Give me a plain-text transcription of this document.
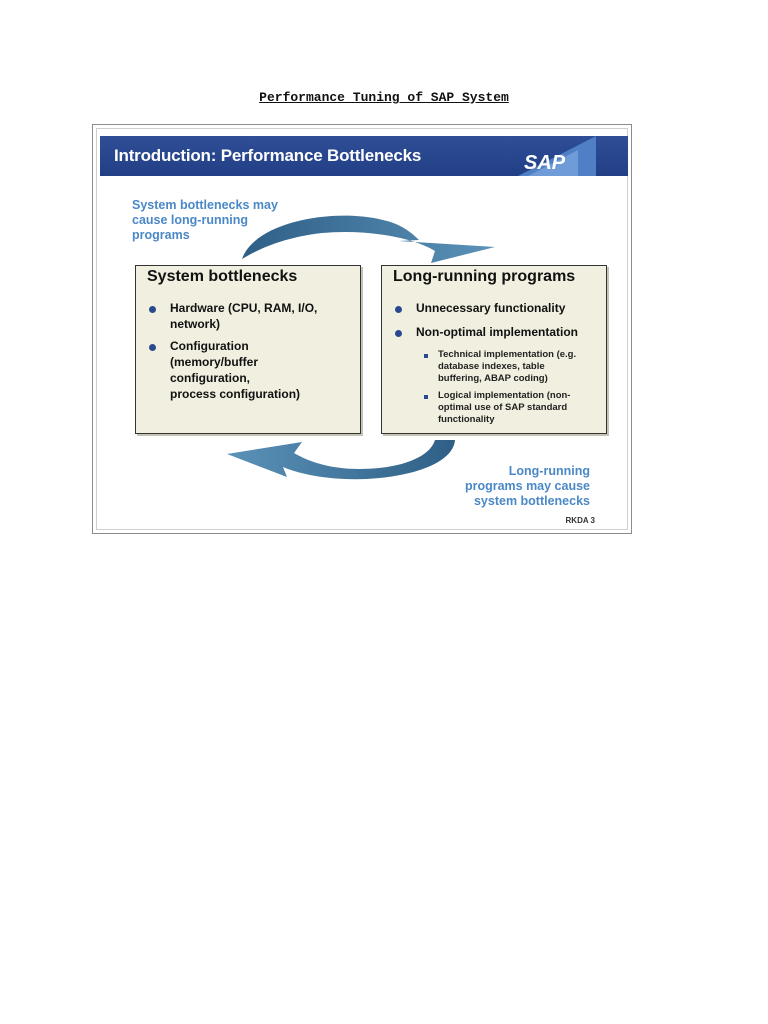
Performance Tuning of SAP System
Introduction: Performance Bottlenecks	SAP
System bottlenecks may
cause long-running
programs
System bottlenecks
Hardware (CPU, RAM, I/O,
network)
Configuration
(memory/buffer
configuration,
process configuration)
Long-running programs
Unnecessary functionality
Non-optimal implementation
Technical implementation (e.g.
database indexes, table
buffering, ABAP coding)
Logical implementation (non-
optimal use of SAP standard
functionality
Long-running
programs may cause
system bottlenecks
RKDA 3
